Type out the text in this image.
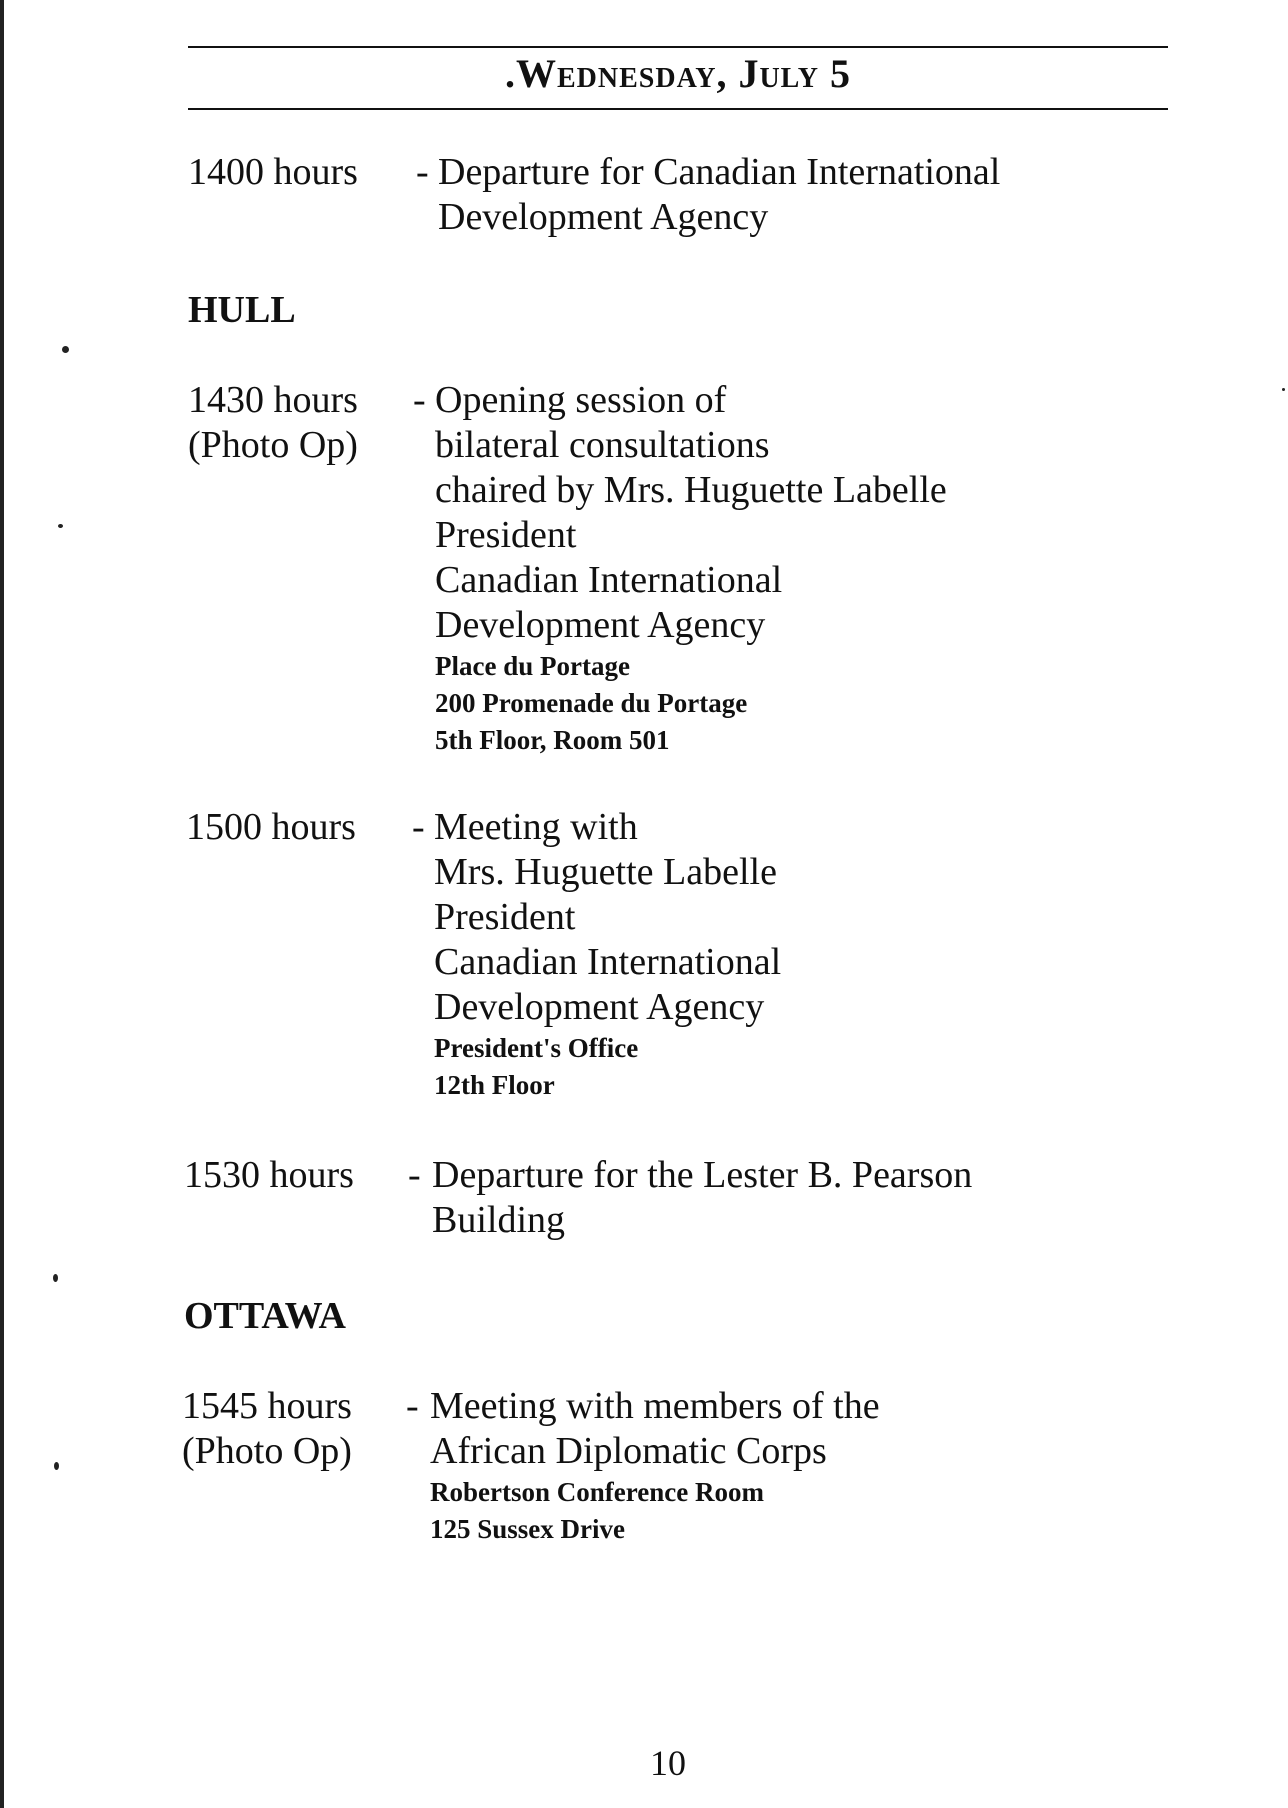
.Wednesday, July 5
1400 hours - Departure for Canadian International
Development Agency
HULL
1430 hours
(Photo Op)
- Opening session of
bilateral consultations
chaired by Mrs. Huguette Labelle
President
Canadian International
Development Agency
Place du Portage
200 Promenade du Portage
5th Floor, Room 501
1500 hours - Meeting with
Mrs. Huguette Labelle
President
Canadian International
Development Agency
President's Office
12th Floor
1530 hours - Departure for the Lester B. Pearson
Building
OTTAWA
1545 hours
(Photo Op)
- Meeting with members of the
African Diplomatic Corps
Robertson Conference Room
125 Sussex Drive
10
